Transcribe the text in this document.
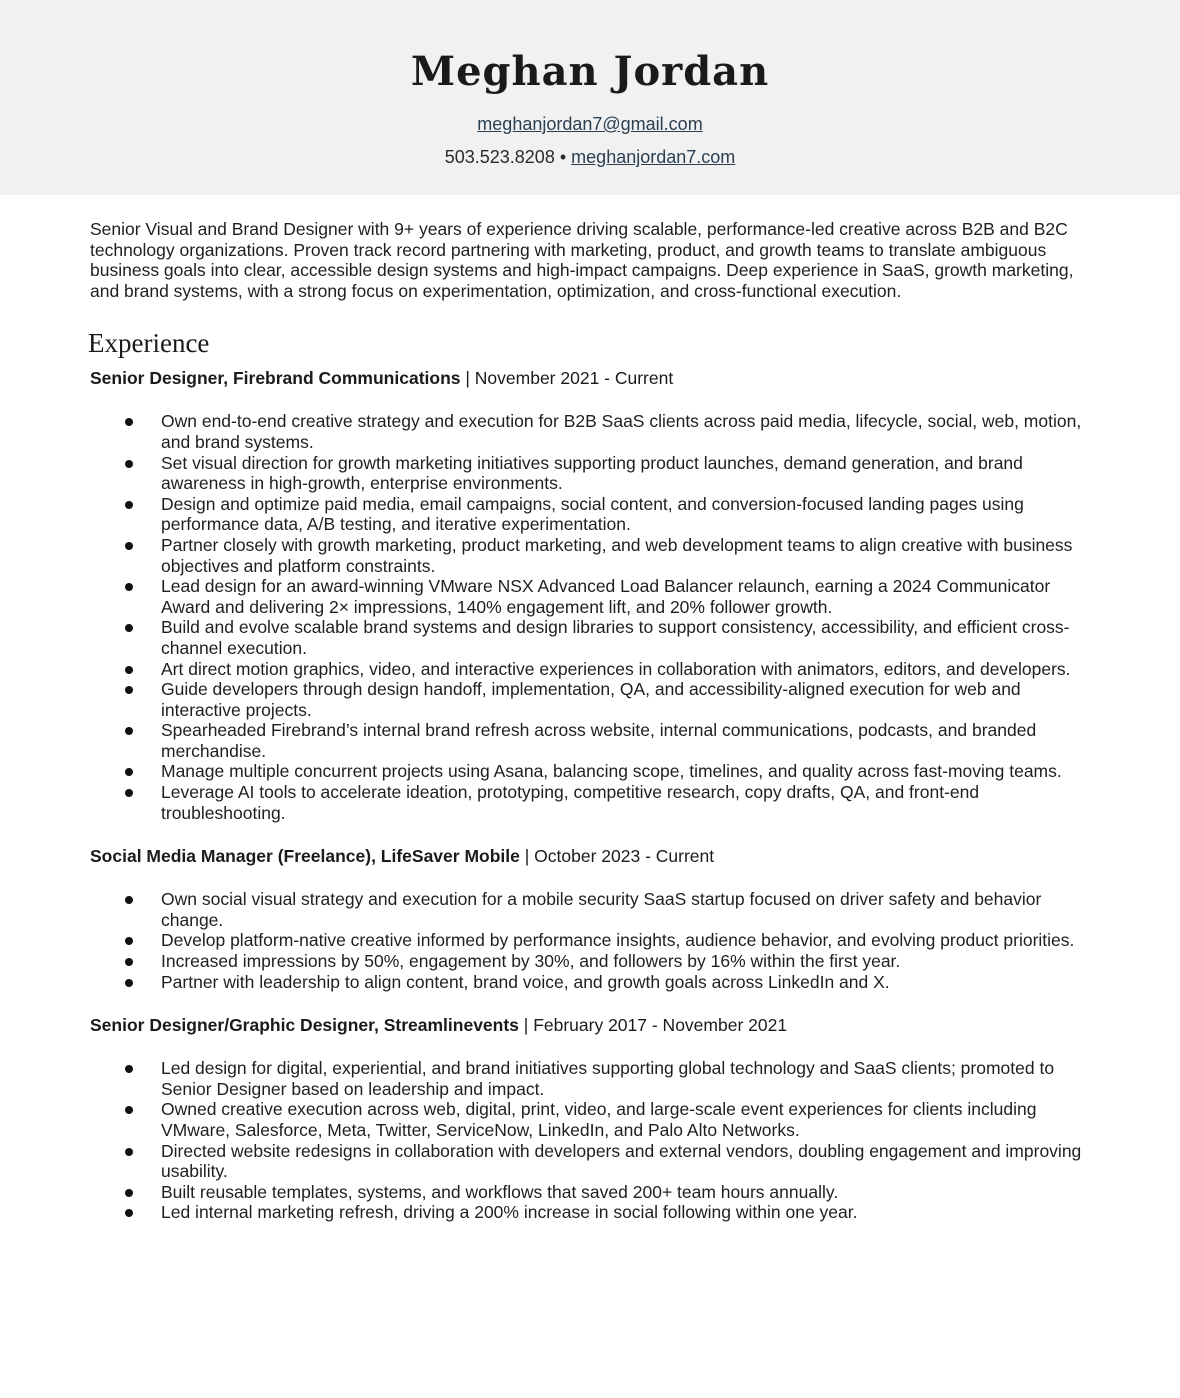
Meghan Jordan
meghanjordan7@gmail.com
503.523.8208 • meghanjordan7.com

Senior Visual and Brand Designer with 9+ years of experience driving scalable, performance-led creative across B2B and B2C technology organizations. Proven track record partnering with marketing, product, and growth teams to translate ambiguous business goals into clear, accessible design systems and high-impact campaigns. Deep experience in SaaS, growth marketing, and brand systems, with a strong focus on experimentation, optimization, and cross-functional execution.

Experience
Senior Designer, Firebrand Communications | November 2021 - Current
Own end-to-end creative strategy and execution for B2B SaaS clients across paid media, lifecycle, social, web, motion, and brand systems.
Set visual direction for growth marketing initiatives supporting product launches, demand generation, and brand awareness in high-growth, enterprise environments.
Design and optimize paid media, email campaigns, social content, and conversion-focused landing pages using performance data, A/B testing, and iterative experimentation.
Partner closely with growth marketing, product marketing, and web development teams to align creative with business objectives and platform constraints.
Lead design for an award-winning VMware NSX Advanced Load Balancer relaunch, earning a 2024 Communicator Award and delivering 2× impressions, 140% engagement lift, and 20% follower growth.
Build and evolve scalable brand systems and design libraries to support consistency, accessibility, and efficient cross-channel execution.
Art direct motion graphics, video, and interactive experiences in collaboration with animators, editors, and developers.
Guide developers through design handoff, implementation, QA, and accessibility-aligned execution for web and interactive projects.
Spearheaded Firebrand’s internal brand refresh across website, internal communications, podcasts, and branded merchandise.
Manage multiple concurrent projects using Asana, balancing scope, timelines, and quality across fast-moving teams.
Leverage AI tools to accelerate ideation, prototyping, competitive research, copy drafts, QA, and front-end troubleshooting.
Social Media Manager (Freelance), LifeSaver Mobile | October 2023 - Current
Own social visual strategy and execution for a mobile security SaaS startup focused on driver safety and behavior change.
Develop platform-native creative informed by performance insights, audience behavior, and evolving product priorities.
Increased impressions by 50%, engagement by 30%, and followers by 16% within the first year.
Partner with leadership to align content, brand voice, and growth goals across LinkedIn and X.
Senior Designer/Graphic Designer, Streamlinevents | February 2017 - November 2021
Led design for digital, experiential, and brand initiatives supporting global technology and SaaS clients; promoted to Senior Designer based on leadership and impact.
Owned creative execution across web, digital, print, video, and large-scale event experiences for clients including VMware, Salesforce, Meta, Twitter, ServiceNow, LinkedIn, and Palo Alto Networks.
Directed website redesigns in collaboration with developers and external vendors, doubling engagement and improving usability.
Built reusable templates, systems, and workflows that saved 200+ team hours annually.
Led internal marketing refresh, driving a 200% increase in social following within one year.
